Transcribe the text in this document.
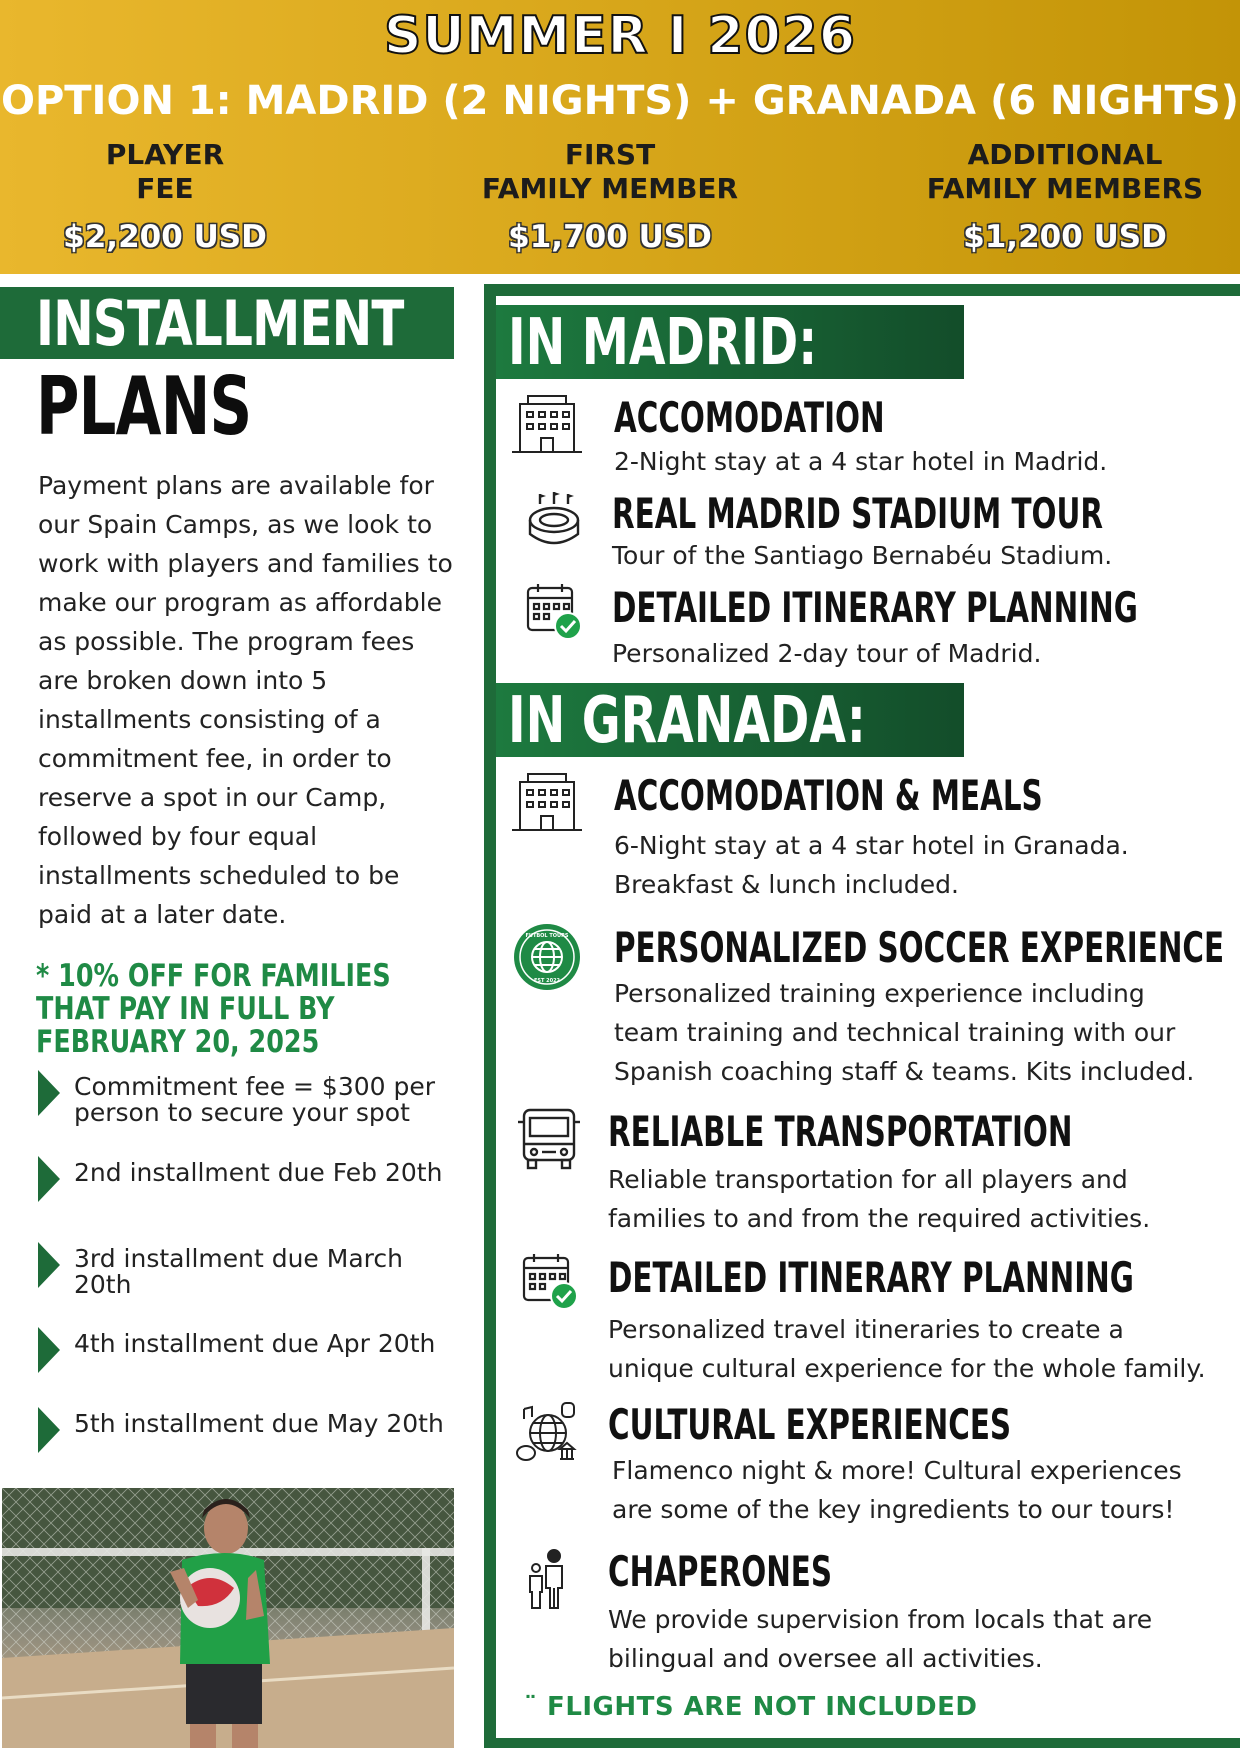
SUMMER I 2026
OPTION 1: MADRID (2 NIGHTS) + GRANADA (6 NIGHTS)
PLAYER
FEE
$2,200 USD
FIRST
FAMILY MEMBER
$1,700 USD
ADDITIONAL
FAMILY MEMBERS
$1,200 USD
INSTALLMENT
PLANS
Payment plans are available for our Spain Camps, as we look to work with players and families to make our program as affordable as possible. The program fees are broken down into 5 installments consisting of a commitment fee, in order to reserve a spot in our Camp, followed by four equal installments scheduled to be paid at a later date.
* 10% OFF FOR FAMILIES THAT PAY IN FULL BY FEBRUARY 20, 2025
Commitment fee = $300 per person to secure your spot
2nd installment due Feb 20th
3rd installment due March 20th
4th installment due Apr 20th
5th installment due May 20th
IN MADRID:
ACCOMODATION
2-Night stay at a 4 star hotel in Madrid.
REAL MADRID STADIUM TOUR
Tour of the Santiago Bernabéu Stadium.
DETAILED ITINERARY PLANNING
Personalized 2-day tour of Madrid.
IN GRANADA:
ACCOMODATION & MEALS
6-Night stay at a 4 star hotel in Granada.
Breakfast & lunch included.
FUTBOL TOURS
EST 2022
PERSONALIZED SOCCER EXPERIENCE
Personalized training experience including
team training and technical training with our
Spanish coaching staff & teams. Kits included.
RELIABLE TRANSPORTATION
Reliable transportation for all players and
families to and from the required activities.
DETAILED ITINERARY PLANNING
Personalized travel itineraries to create a
unique cultural experience for the whole family.
CULTURAL EXPERIENCES
Flamenco night & more! Cultural experiences
are some of the key ingredients to our tours!
CHAPERONES
We provide supervision from locals that are
bilingual and oversee all activities.
¨ FLIGHTS ARE NOT INCLUDED
